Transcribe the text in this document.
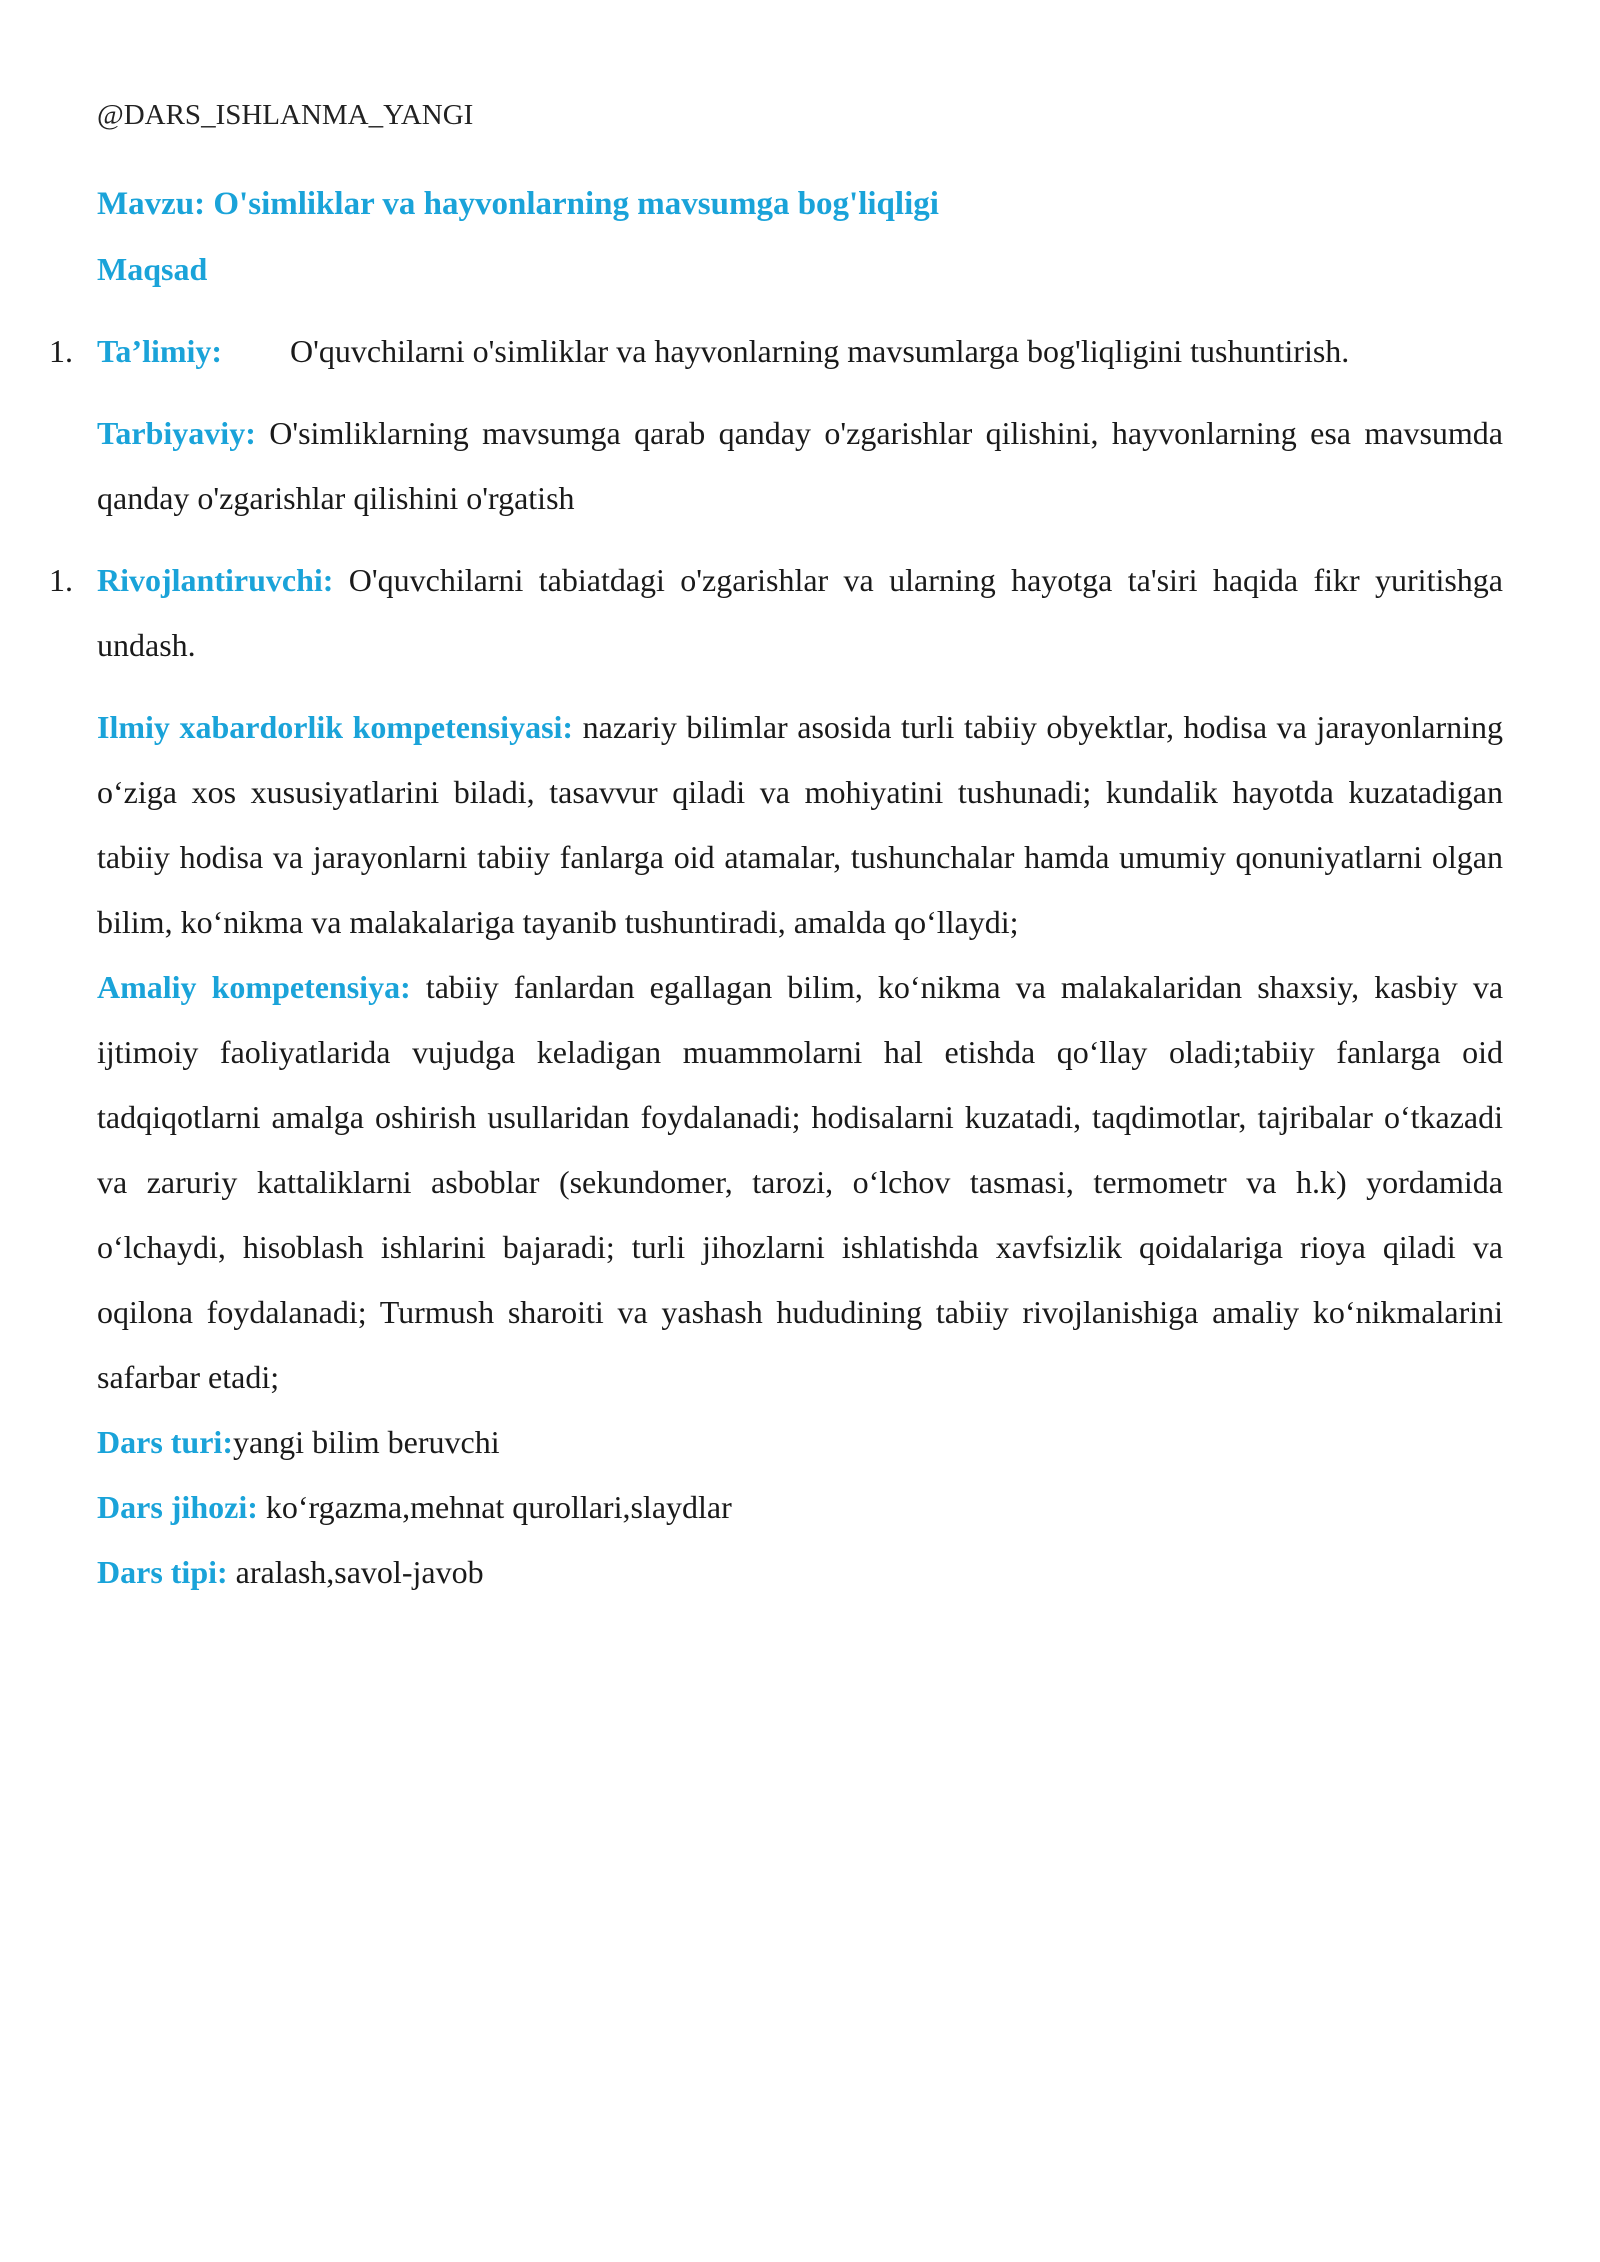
@DARS_ISHLANMA_YANGI

Mavzu: O'simliklar va hayvonlarning mavsumga bog'liqligi

Maqsad

1. Ta’limiy: O'quvchilarni o'simliklar va hayvonlarning mavsumlarga bog'liqligini tushuntirish.

Tarbiyaviy: O'simliklarning mavsumga qarab qanday o'zgarishlar qilishini, hayvonlarning esa mavsumda qanday o'zgarishlar qilishini o'rgatish

1. Rivojlantiruvchi: O'quvchilarni tabiatdagi o'zgarishlar va ularning hayotga ta'siri haqida fikr yuritishga undash.

Ilmiy xabardorlik kompetensiyasi: nazariy bilimlar asosida turli tabiiy obyektlar, hodisa va jarayonlarning o‘ziga xos xususiyatlarini biladi, tasavvur qiladi va mohiyatini tushunadi; kundalik hayotda kuzatadigan tabiiy hodisa va jarayonlarni tabiiy fanlarga oid atamalar, tushunchalar hamda umumiy qonuniyatlarni olgan bilim, ko‘nikma va malakalariga tayanib tushuntiradi, amalda qo‘llaydi;

Amaliy kompetensiya: tabiiy fanlardan egallagan bilim, ko‘nikma va malakalaridan shaxsiy, kasbiy va ijtimoiy faoliyatlarida vujudga keladigan muammolarni hal etishda qo‘llay oladi;tabiiy fanlarga oid tadqiqotlarni amalga oshirish usullaridan foydalanadi; hodisalarni kuzatadi, taqdimotlar, tajribalar o‘tkazadi va zaruriy kattaliklarni asboblar (sekundomer, tarozi, o‘lchov tasmasi, termometr va h.k) yordamida o‘lchaydi, hisoblash ishlarini bajaradi; turli jihozlarni ishlatishda xavfsizlik qoidalariga rioya qiladi va oqilona foydalanadi; Turmush sharoiti va yashash hududining tabiiy rivojlanishiga amaliy ko‘nikmalarini safarbar etadi;

Dars turi:yangi bilim beruvchi

Dars jihozi: ko‘rgazma,mehnat qurollari,slaydlar

Dars tipi: aralash,savol-javob
